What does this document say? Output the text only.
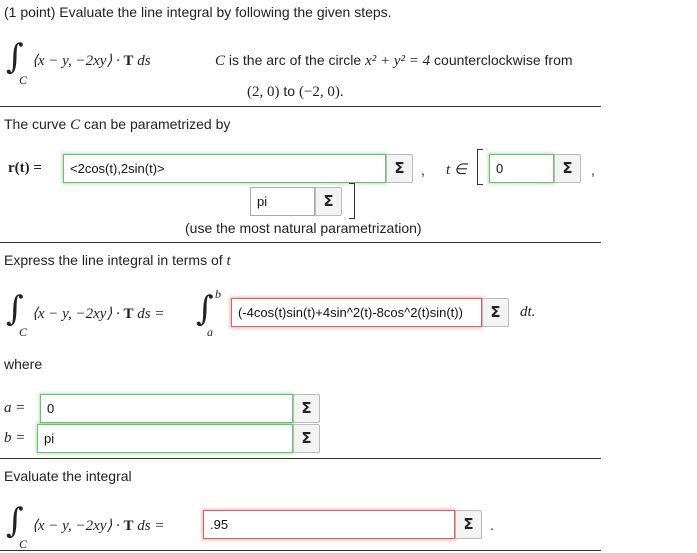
(1 point) Evaluate the line integral by following the given steps.
∫
C
⟨x − y, −2xy⟩ · T ds	C is the arc of the circle x² + y² = 4 counterclockwise from
(2, 0) to (−2, 0).
The curve C can be parametrized by
r(t) =	<2cos(t),2sin(t)>	Σ	, t ∈	0	Σ	,
pi	Σ
(use the most natural parametrization)
Express the line integral in terms of t
∫
C
⟨x − y, −2xy⟩ · T ds = ∫ b
a
(-4cos(t)sin(t)+4sin^2(t)-8cos^2(t)sin(t))	Σ	dt.
where
a =	0	Σ
b =	pi	Σ
Evaluate the integral
∫
C
⟨x − y, −2xy⟩ · T ds =	.95	Σ	.
